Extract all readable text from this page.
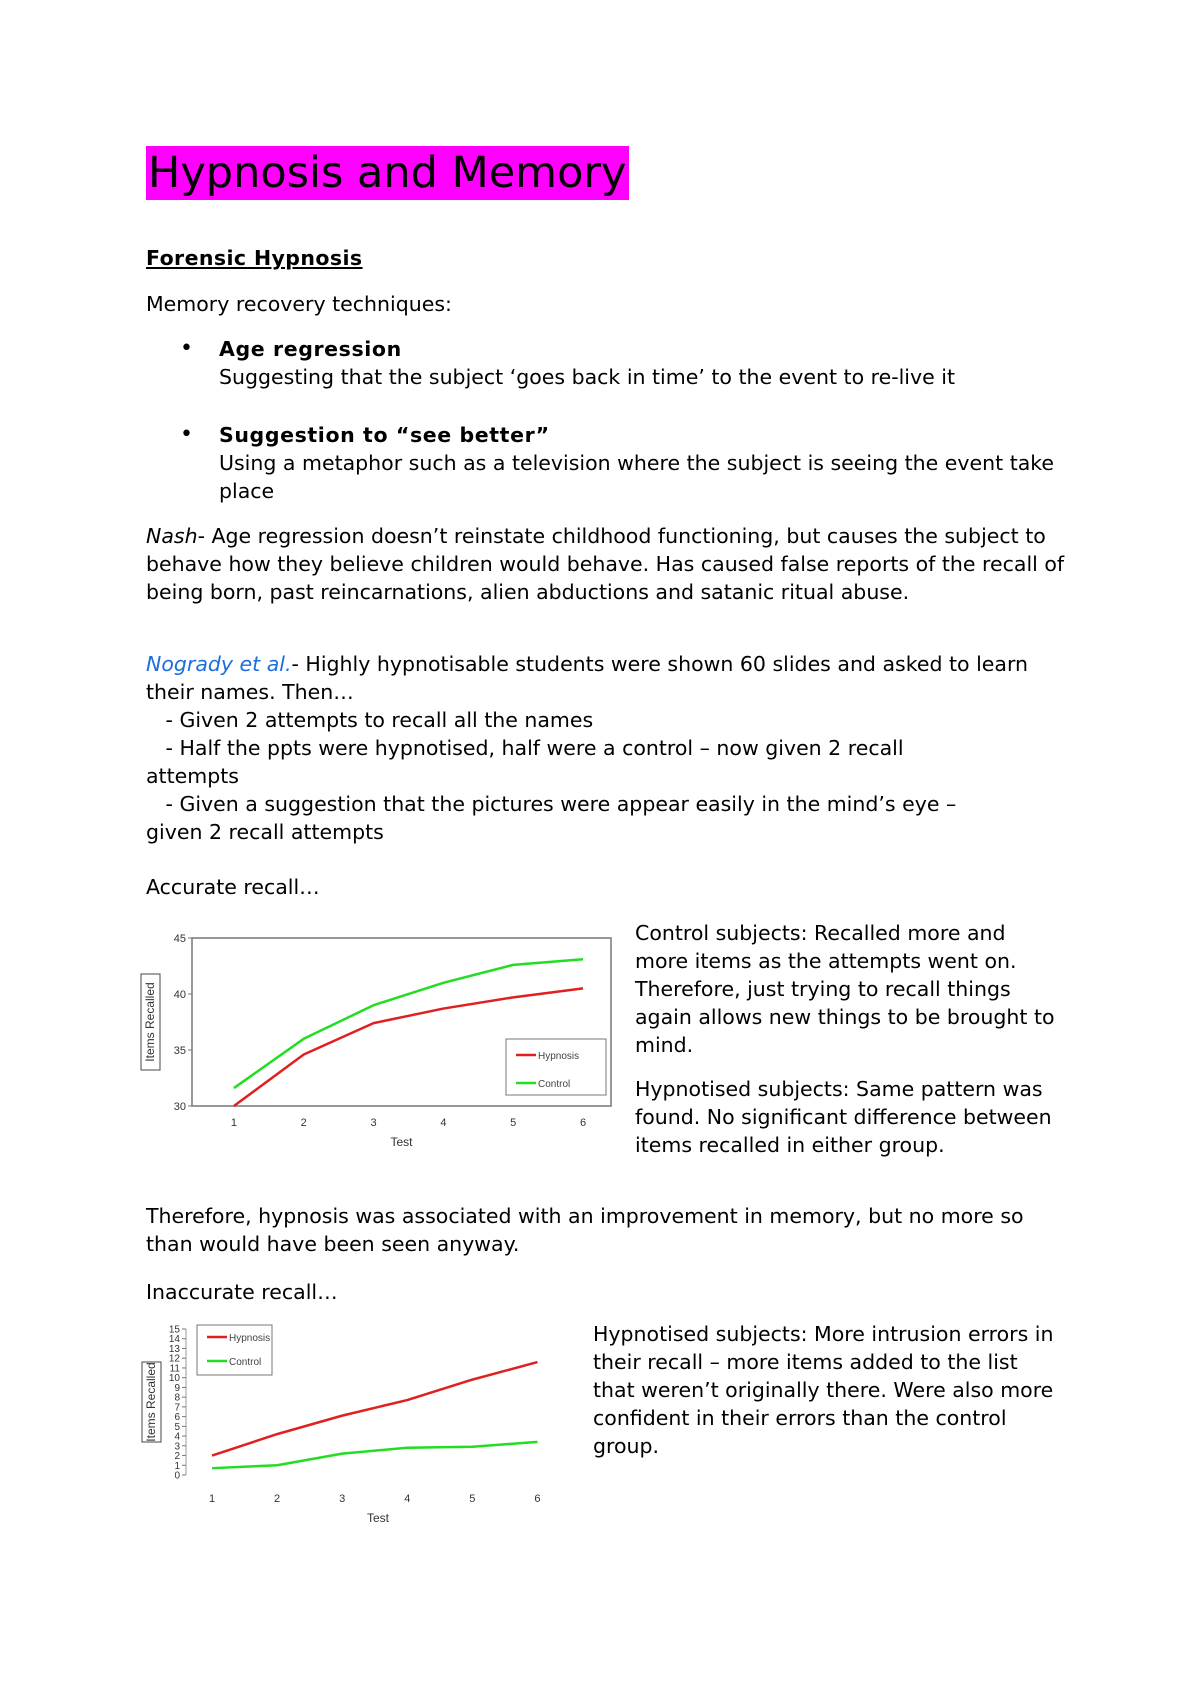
Hypnosis and Memory
Forensic Hypnosis
Memory recovery techniques:
• Age regression
Suggesting that the subject ‘goes back in time’ to the event to re-live it
• Suggestion to “see better”
Using a metaphor such as a television where the subject is seeing the event take place
Nash- Age regression doesn’t reinstate childhood functioning, but causes the subject to behave how they believe children would behave. Has caused false reports of the recall of being born, past reincarnations, alien abductions and satanic ritual abuse.
Nogrady et al.- Highly hypnotisable students were shown 60 slides and asked to learn their names. Then…
- Given 2 attempts to recall all the names
- Half the ppts were hypnotised, half were a control – now given 2 recall
attempts
- Given a suggestion that the pictures were appear easily in the mind’s eye –
given 2 recall attempts
Accurate recall…
30
35
40
45
1	2	3	4	5	6
Test
Items Recalled	Hypnosis
Control
Control subjects: Recalled more and more items as the attempts went on. Therefore, just trying to recall things again allows new things to be brought to mind.
Hypnotised subjects: Same pattern was found. No significant difference between items recalled in either group.
Therefore, hypnosis was associated with an improvement in memory, but no more so than would have been seen anyway.
Inaccurate recall…
0
1
2
3
4
5
6
7
8
9
10
11
12
13
14
15
1	2	3	4	5	6
Test
Items Recalled
Hypnosis
Control
Hypnotised subjects: More intrusion errors in their recall – more items added to the list that weren’t originally there. Were also more confident in their errors than the control group.
